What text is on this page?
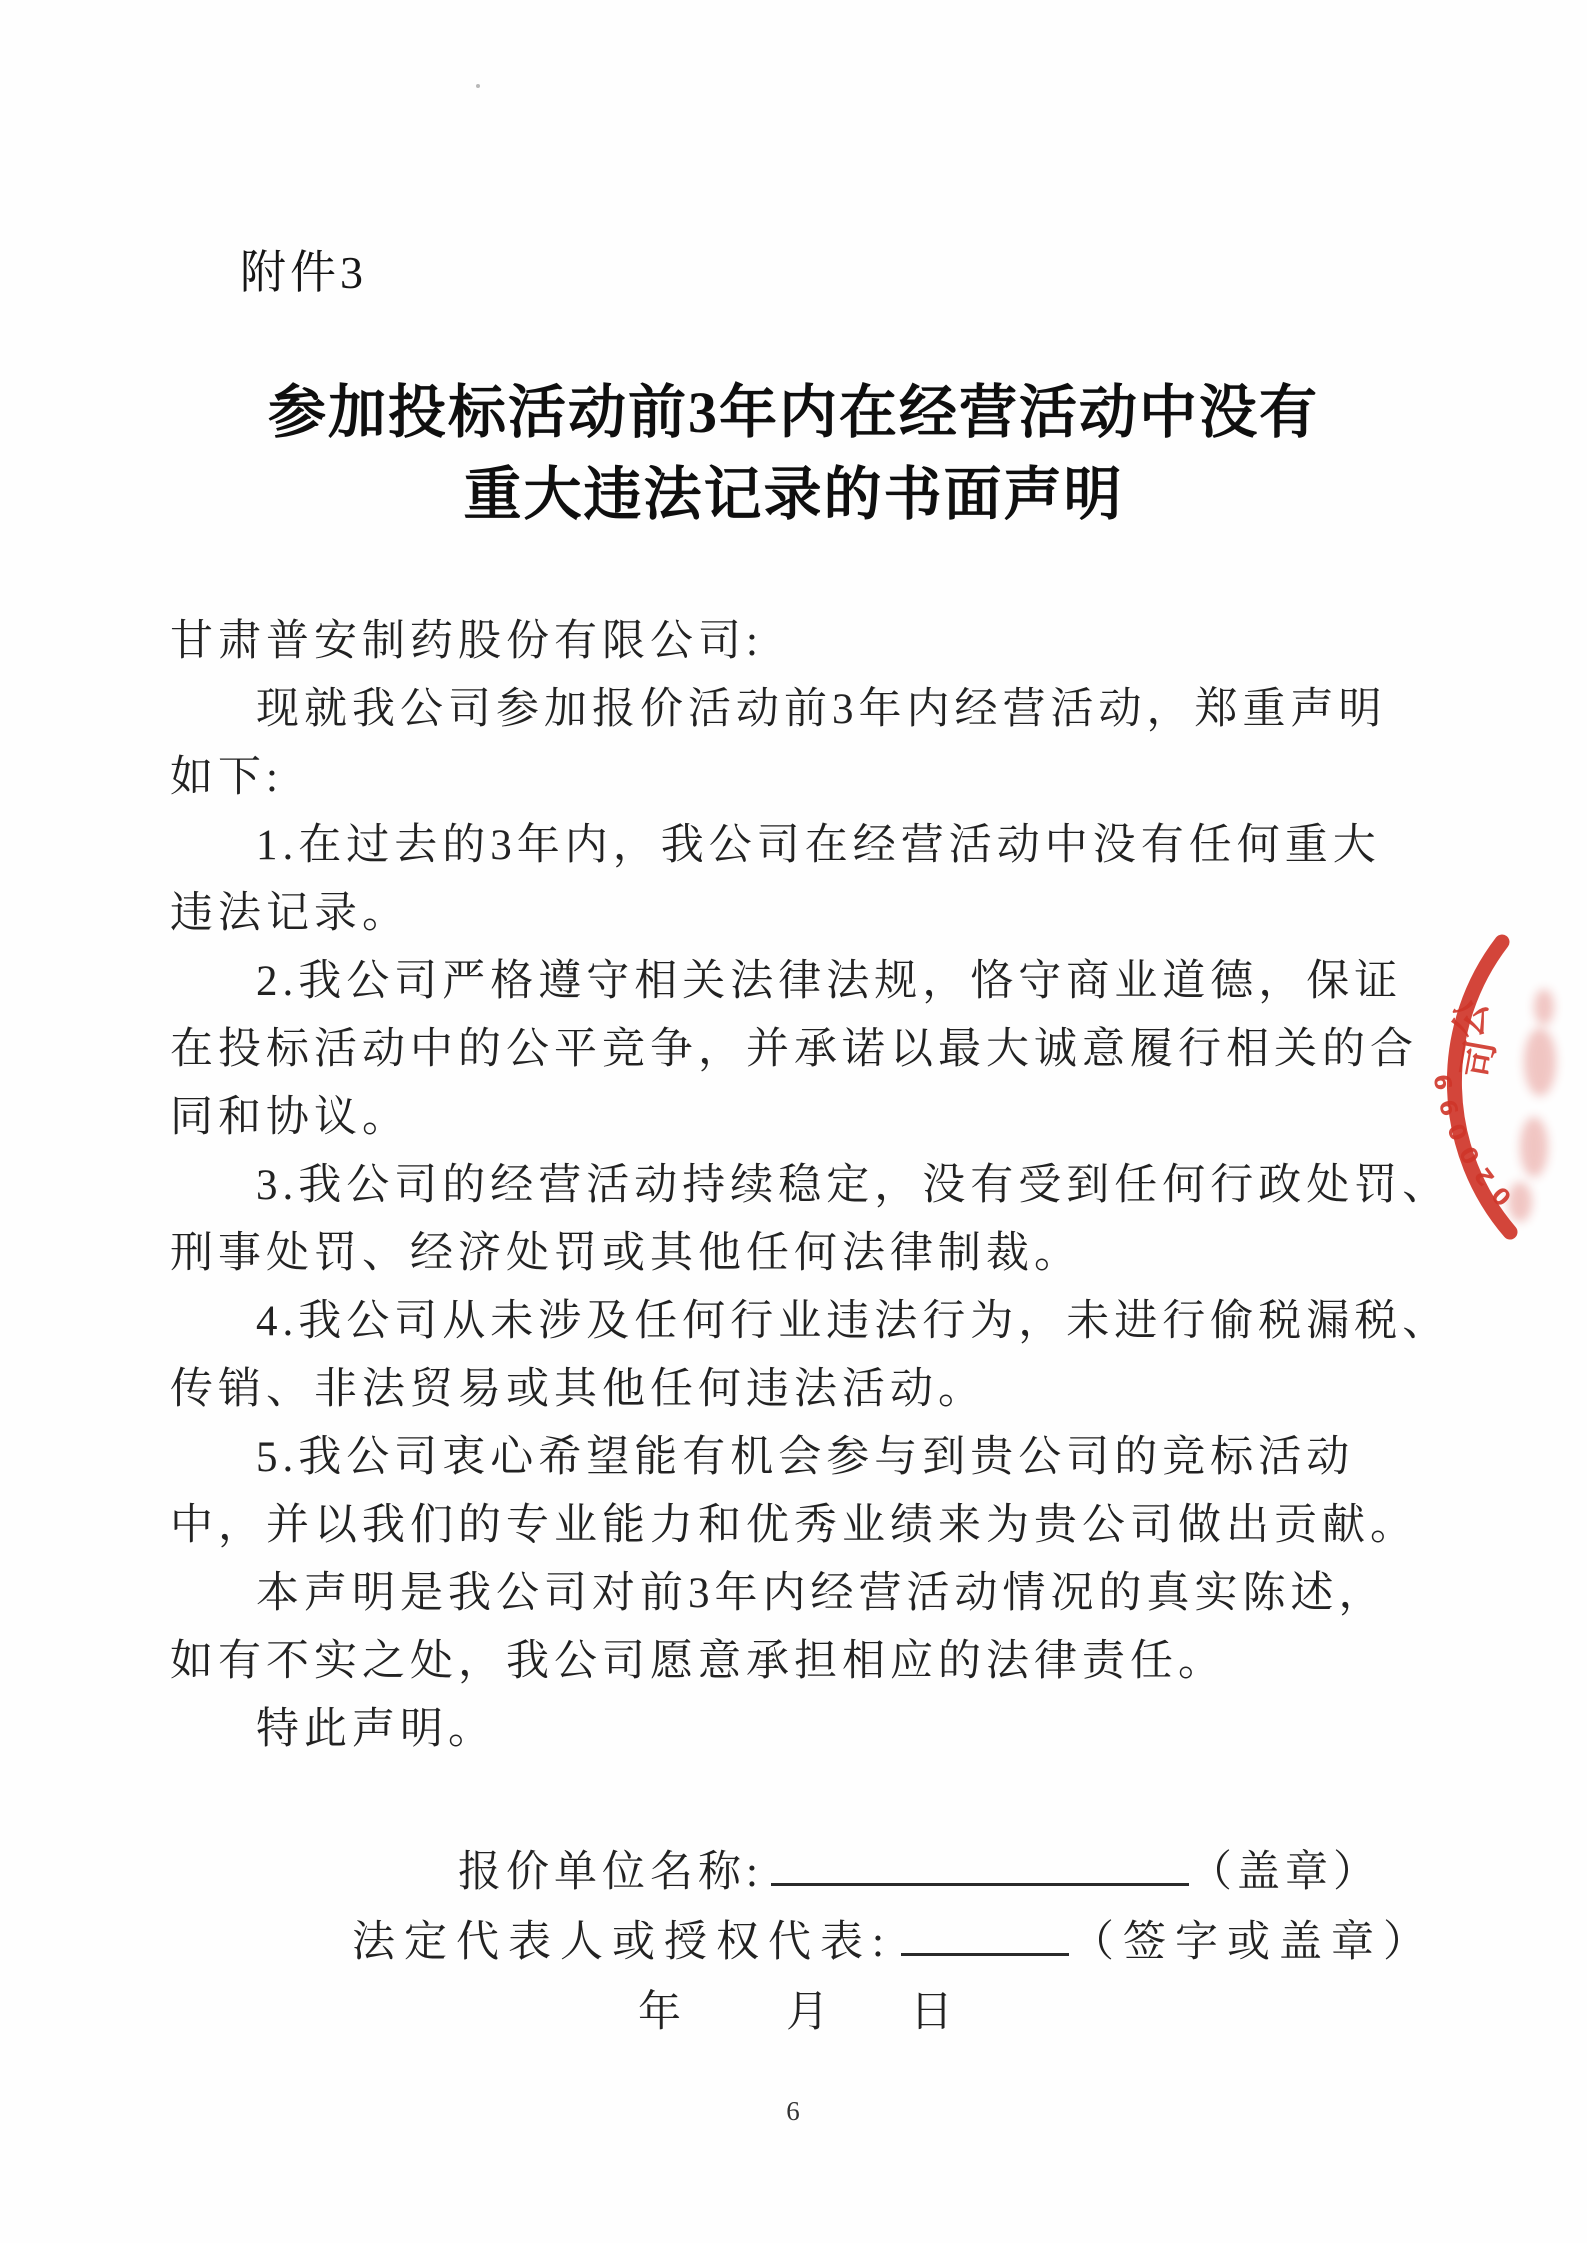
附件3
参加投标活动前3年内在经营活动中没有
重大违法记录的书面声明
甘肃普安制药股份有限公司:
现就我公司参加报价活动前3年内经营活动，郑重声明
如下:
1.在过去的3年内，我公司在经营活动中没有任何重大
违法记录。
2.我公司严格遵守相关法律法规，恪守商业道德，保证
在投标活动中的公平竞争，并承诺以最大诚意履行相关的合
同和协议。
3.我公司的经营活动持续稳定，没有受到任何行政处罚、
刑事处罚、经济处罚或其他任何法律制裁。
4.我公司从未涉及任何行业违法行为，未进行偷税漏税、
传销、非法贸易或其他任何违法活动。
5.我公司衷心希望能有机会参与到贵公司的竞标活动
中，并以我们的专业能力和优秀业绩来为贵公司做出贡献。
本声明是我公司对前3年内经营活动情况的真实陈述，
如有不实之处，我公司愿意承担相应的法律责任。
特此声明。
报价单位名称:	（盖章）
法定代表人或授权代表:	（签字或盖章）
年 月 日
6
公
司
020099
